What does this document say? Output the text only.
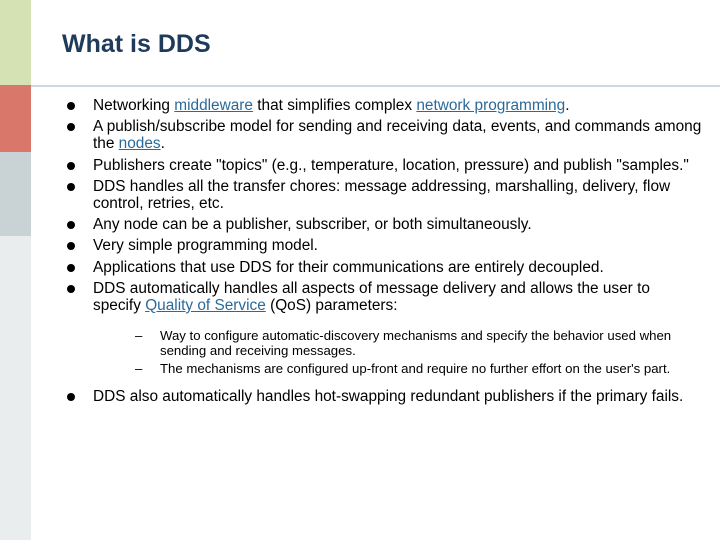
What is DDS
Networking middleware that simplifies complex network programming.
A publish/subscribe model for sending and receiving data, events, and commands among the nodes.
Publishers create "topics" (e.g., temperature, location, pressure) and publish "samples."
DDS handles all the transfer chores: message addressing, marshalling, delivery, flow control, retries, etc.
Any node can be a publisher, subscriber, or both simultaneously.
Very simple programming model.
Applications that use DDS for their communications are entirely decoupled.
DDS automatically handles all aspects of message delivery and allows the user to specify Quality of Service (QoS) parameters:
– Way to configure automatic-discovery mechanisms and specify the behavior used when sending and receiving messages.
– The mechanisms are configured up-front and require no further effort on the user's part.
DDS also automatically handles hot-swapping redundant publishers if the primary fails.
